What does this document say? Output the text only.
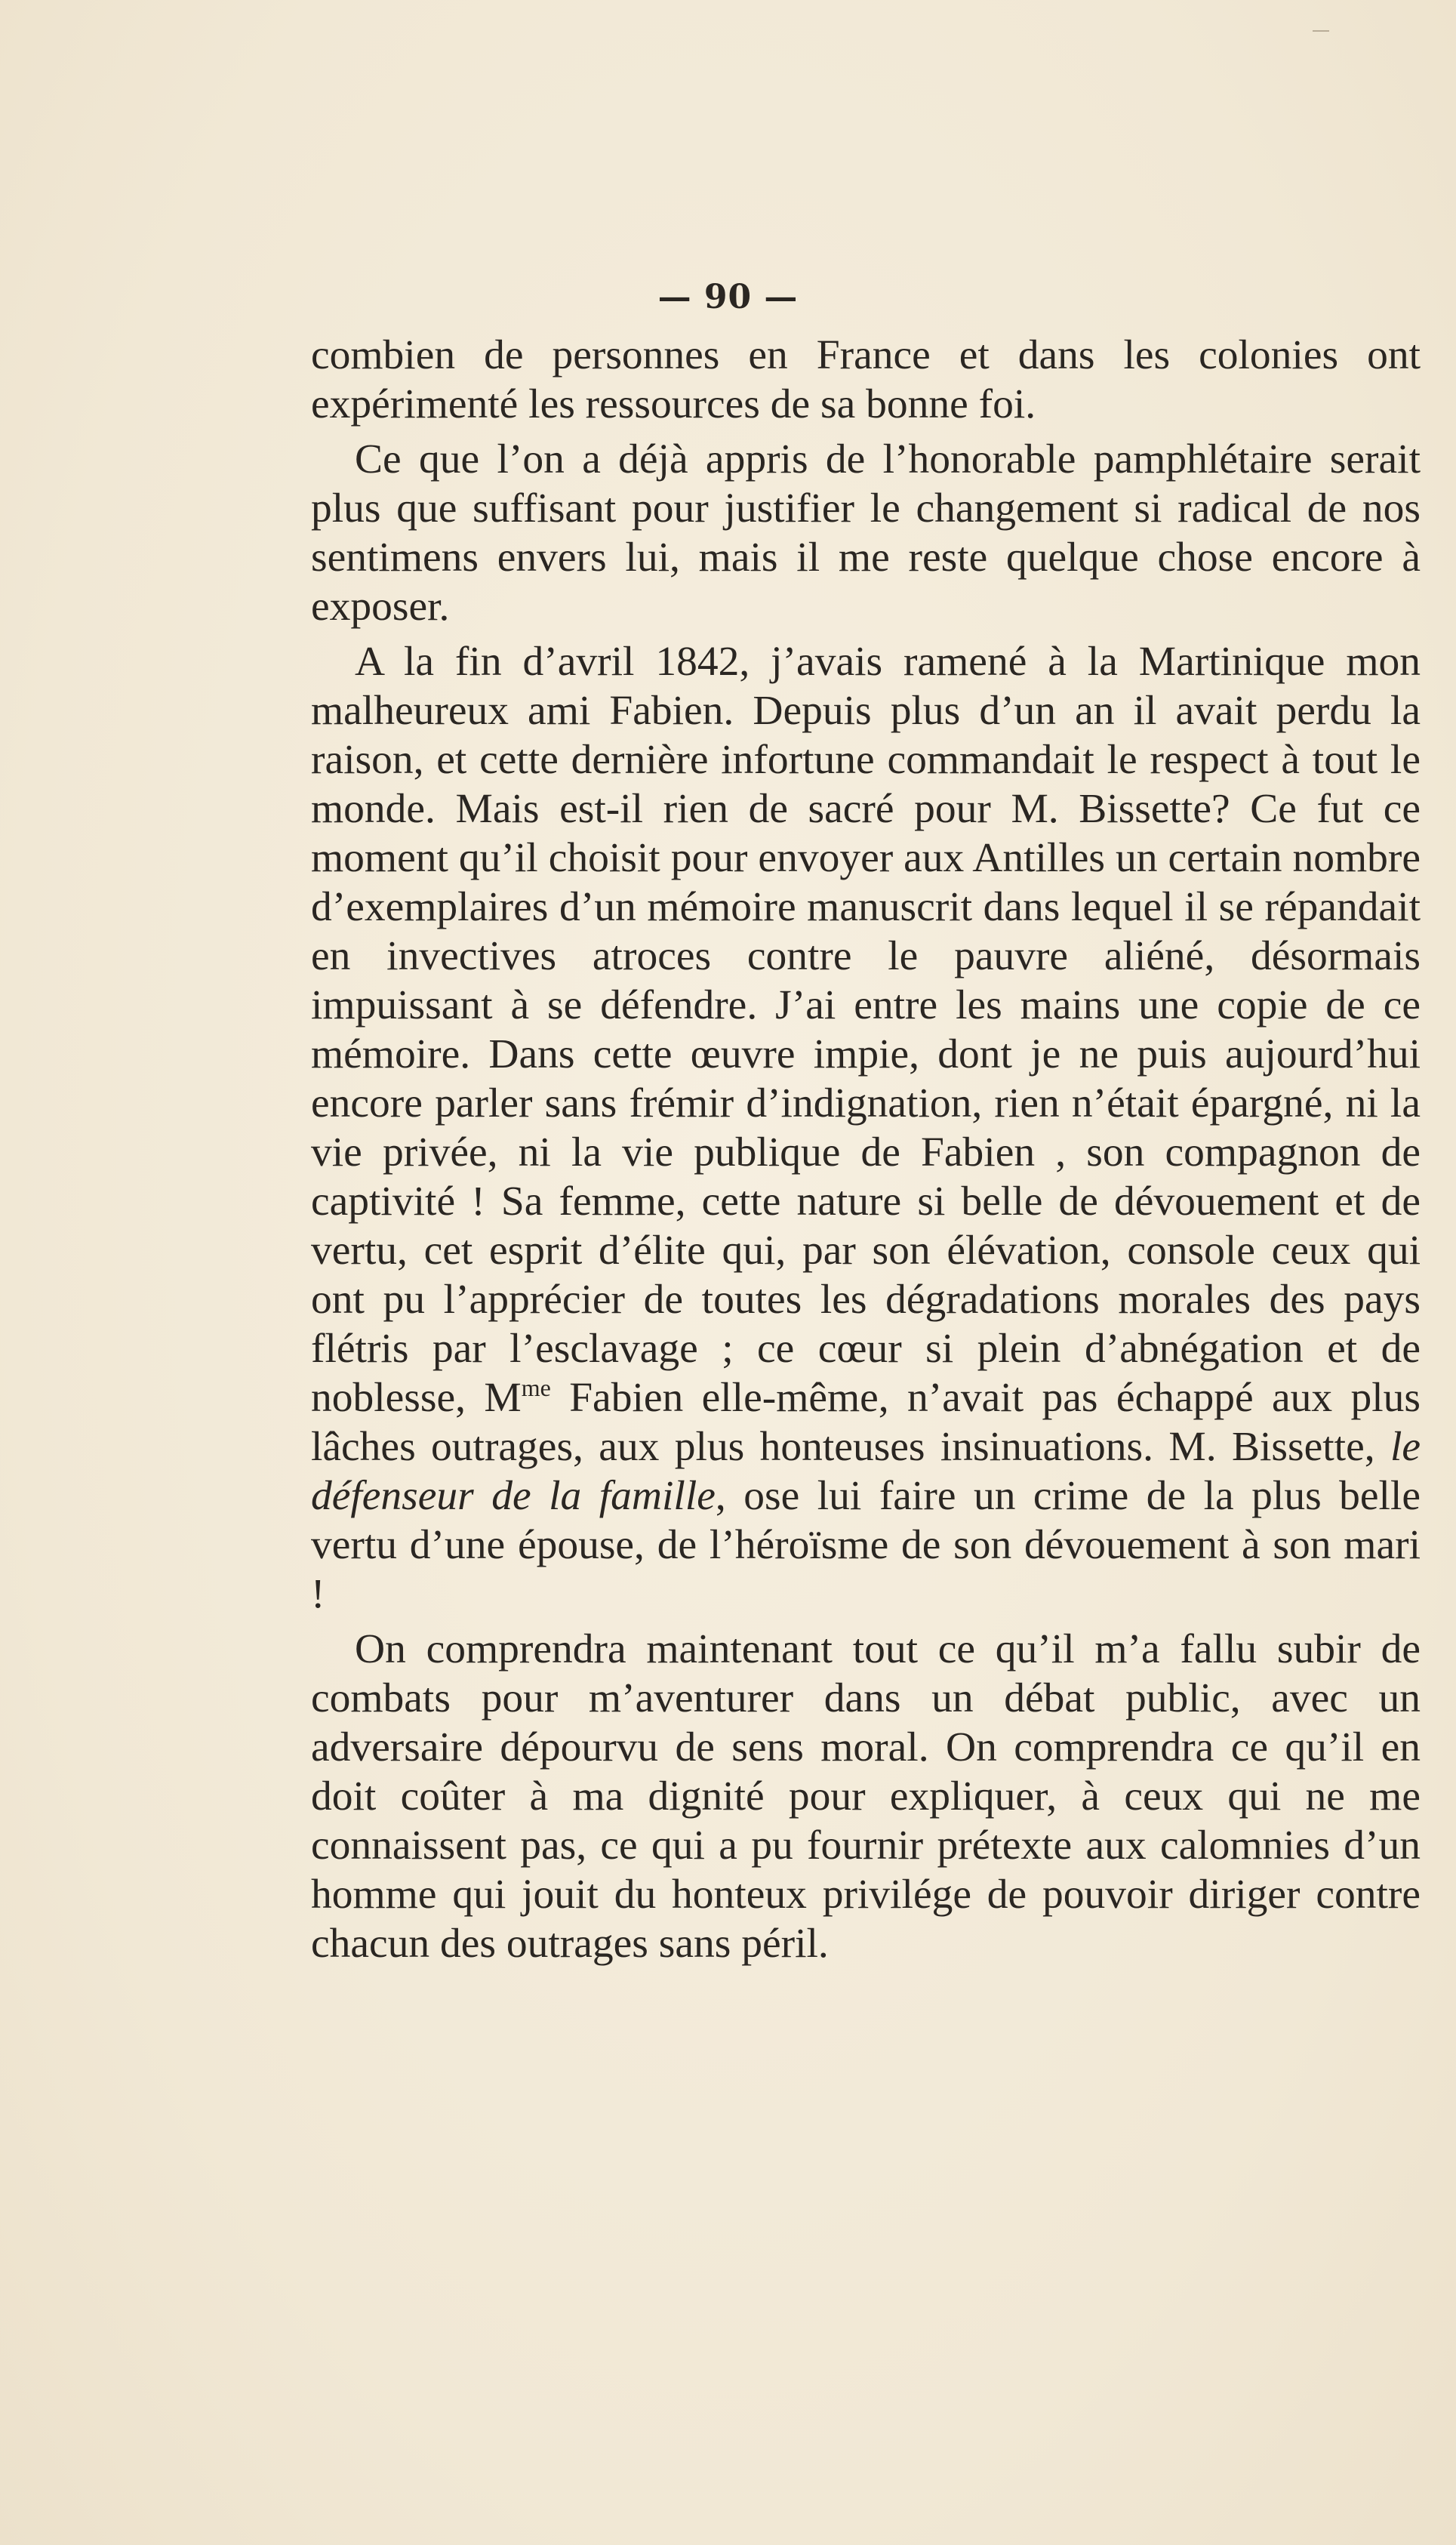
— 90 —

combien de personnes en France et dans les colonies ont expérimenté les ressources de sa bonne foi.

Ce que l’on a déjà appris de l’honorable pamphlétaire serait plus que suffisant pour justifier le changement si radical de nos sentimens envers lui, mais il me reste quelque chose encore à exposer.

A la fin d’avril 1842, j’avais ramené à la Martinique mon malheureux ami Fabien. Depuis plus d’un an il avait perdu la raison, et cette dernière infortune commandait le respect à tout le monde. Mais est-il rien de sacré pour M. Bissette? Ce fut ce moment qu’il choisit pour envoyer aux Antilles un certain nombre d’exemplaires d’un mémoire manuscrit dans lequel il se répandait en invectives atroces contre le pauvre aliéné, désormais impuissant à se défendre. J’ai entre les mains une copie de ce mémoire. Dans cette œuvre impie, dont je ne puis aujourd’hui encore parler sans frémir d’indignation, rien n’était épargné, ni la vie privée, ni la vie publique de Fabien , son compagnon de captivité ! Sa femme, cette nature si belle de dévouement et de vertu, cet esprit d’élite qui, par son élévation, console ceux qui ont pu l’apprécier de toutes les dégradations morales des pays flétris par l’esclavage ; ce cœur si plein d’abnégation et de noblesse, $M^{me}$ Fabien elle-même, n’avait pas échappé aux plus lâches outrages, aux plus honteuses insinuations. M. Bissette, le défenseur de la famille, ose lui faire un crime de la plus belle vertu d’une épouse, de l’héroïsme de son dévouement à son mari !

On comprendra maintenant tout ce qu’il m’a fallu subir de combats pour m’aventurer dans un débat public, avec un adversaire dépourvu de sens moral. On comprendra ce qu’il en doit coûter à ma dignité pour expliquer, à ceux qui ne me connaissent pas, ce qui a pu fournir prétexte aux calomnies d’un homme qui jouit du honteux privilége de pouvoir diriger contre chacun des outrages sans péril.
